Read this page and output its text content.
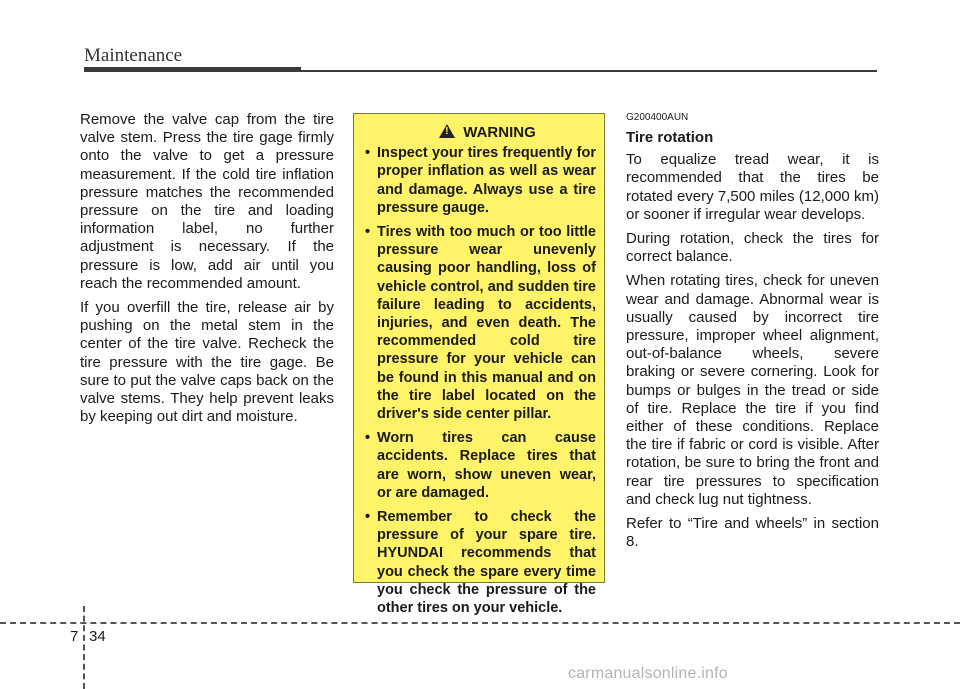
Maintenance

Remove the valve cap from the tire valve stem. Press the tire gage firmly onto the valve to get a pressure measurement. If the cold tire inflation pressure matches the recommended pressure on the tire and loading information label, no further adjustment is necessary. If the pressure is low, add air until you reach the recommended amount.

If you overfill the tire, release air by pushing on the metal stem in the center of the tire valve. Recheck the tire pressure with the tire gage. Be sure to put the valve caps back on the valve stems. They help prevent leaks by keeping out dirt and moisture.

!WARNING
• Inspect your tires frequently for proper inflation as well as wear and damage. Always use a tire pressure gauge.
• Tires with too much or too little pressure wear unevenly causing poor handling, loss of vehicle control, and sudden tire failure leading to accidents, injuries, and even death. The recommended cold tire pressure for your vehicle can be found in this manual and on the tire label located on the driver's side center pillar.
• Worn tires can cause accidents. Replace tires that are worn, show uneven wear, or are damaged.
• Remember to check the pressure of your spare tire. HYUNDAI recommends that you check the spare every time you check the pressure of the other tires on your vehicle.

G200400AUN

Tire rotation

To equalize tread wear, it is recommended that the tires be rotated every 7,500 miles (12,000 km) or sooner if irregular wear develops.

During rotation, check the tires for correct balance.

When rotating tires, check for uneven wear and damage. Abnormal wear is usually caused by incorrect tire pressure, improper wheel alignment, out-of-balance wheels, severe braking or severe cornering. Look for bumps or bulges in the tread or side of tire. Replace the tire if you find either of these conditions. Replace the tire if fabric or cord is visible. After rotation, be sure to bring the front and rear tire pressures to specification and check lug nut tightness.

Refer to “Tire and wheels” in section 8.

7 34
carmanualsonline.info
